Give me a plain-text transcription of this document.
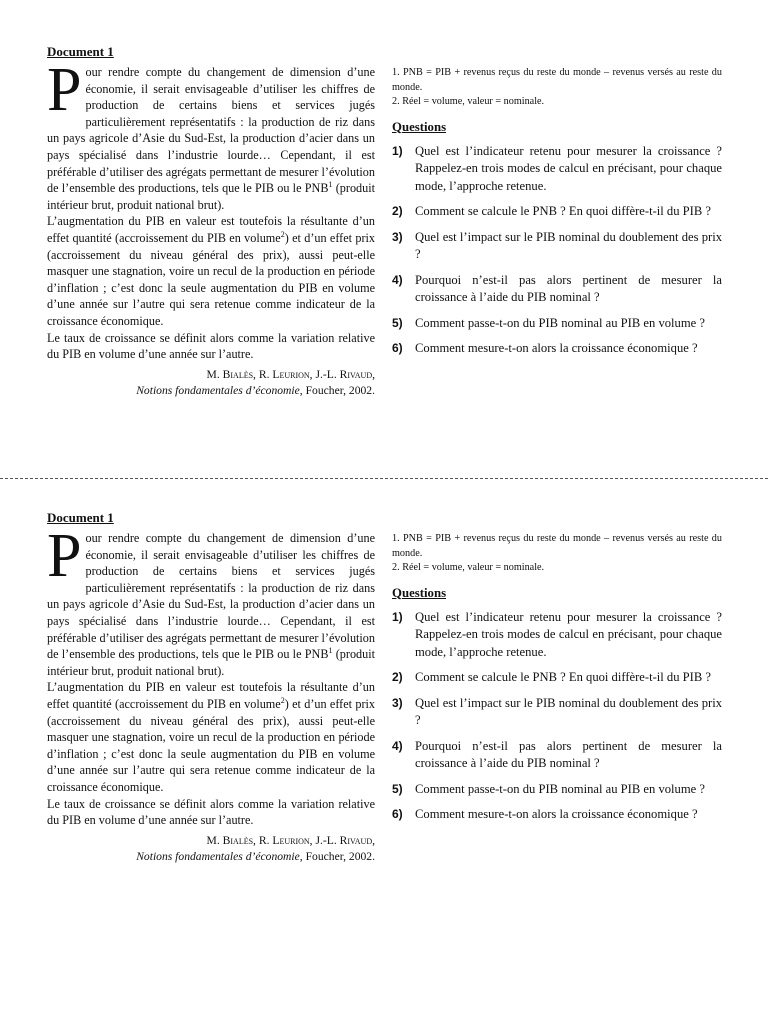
Document 1

Pour rendre compte du changement de dimension d’une économie, il serait envisageable d’utiliser les chiffres de production de certains biens et services jugés particulièrement représentatifs : la production de riz dans un pays agricole d’Asie du Sud-Est, la production d’acier dans un pays spécialisé dans l’industrie lourde… Cependant, il est préférable d’utiliser des agrégats permettant de mesurer l’évolution de l’ensemble des productions, tels que le PIB ou le PNB$^1$ (produit intérieur brut, produit national brut).

L’augmentation du PIB en valeur est toutefois la résultante d’un effet quantité (accroissement du PIB en volume$^2$) et d’un effet prix (accroissement du niveau général des prix), aussi peut-elle masquer une stagnation, voire un recul de la production en période d’inflation ; c’est donc la seule augmentation du PIB en volume d’une année sur l’autre qui sera retenue comme indicateur de la croissance économique.

Le taux de croissance se définit alors comme la variation relative du PIB en volume d’une année sur l’autre.

M. Bialès, R. Leurion, J.-L. Rivaud,
Notions fondamentales d’économie, Foucher, 2002.

1. PNB = PIB + revenus reçus du reste du monde – revenus versés au reste du monde.

2. Réel = volume, valeur = nominale.

Questions
1) Quel est l’indicateur retenu pour mesurer la croissance ? Rappelez-en trois modes de calcul en précisant, pour chaque mode, l’approche retenue.
2) Comment se calcule le PNB ? En quoi diffère-t-il du PIB ?
3) Quel est l’impact sur le PIB nominal du doublement des prix ?
4) Pourquoi n’est-il pas alors pertinent de mesurer la croissance à l’aide du PIB nominal ?
5) Comment passe-t-on du PIB nominal au PIB en volume ?
6) Comment mesure-t-on alors la croissance économique ?
Document 1

Pour rendre compte du changement de dimension d’une économie, il serait envisageable d’utiliser les chiffres de production de certains biens et services jugés particulièrement représentatifs : la production de riz dans un pays agricole d’Asie du Sud-Est, la production d’acier dans un pays spécialisé dans l’industrie lourde… Cependant, il est préférable d’utiliser des agrégats permettant de mesurer l’évolution de l’ensemble des productions, tels que le PIB ou le PNB$^1$ (produit intérieur brut, produit national brut).

L’augmentation du PIB en valeur est toutefois la résultante d’un effet quantité (accroissement du PIB en volume$^2$) et d’un effet prix (accroissement du niveau général des prix), aussi peut-elle masquer une stagnation, voire un recul de la production en période d’inflation ; c’est donc la seule augmentation du PIB en volume d’une année sur l’autre qui sera retenue comme indicateur de la croissance économique.

Le taux de croissance se définit alors comme la variation relative du PIB en volume d’une année sur l’autre.

M. Bialès, R. Leurion, J.-L. Rivaud,
Notions fondamentales d’économie, Foucher, 2002.

1. PNB = PIB + revenus reçus du reste du monde – revenus versés au reste du monde.

2. Réel = volume, valeur = nominale.

Questions
1) Quel est l’indicateur retenu pour mesurer la croissance ? Rappelez-en trois modes de calcul en précisant, pour chaque mode, l’approche retenue.
2) Comment se calcule le PNB ? En quoi diffère-t-il du PIB ?
3) Quel est l’impact sur le PIB nominal du doublement des prix ?
4) Pourquoi n’est-il pas alors pertinent de mesurer la croissance à l’aide du PIB nominal ?
5) Comment passe-t-on du PIB nominal au PIB en volume ?
6) Comment mesure-t-on alors la croissance économique ?
